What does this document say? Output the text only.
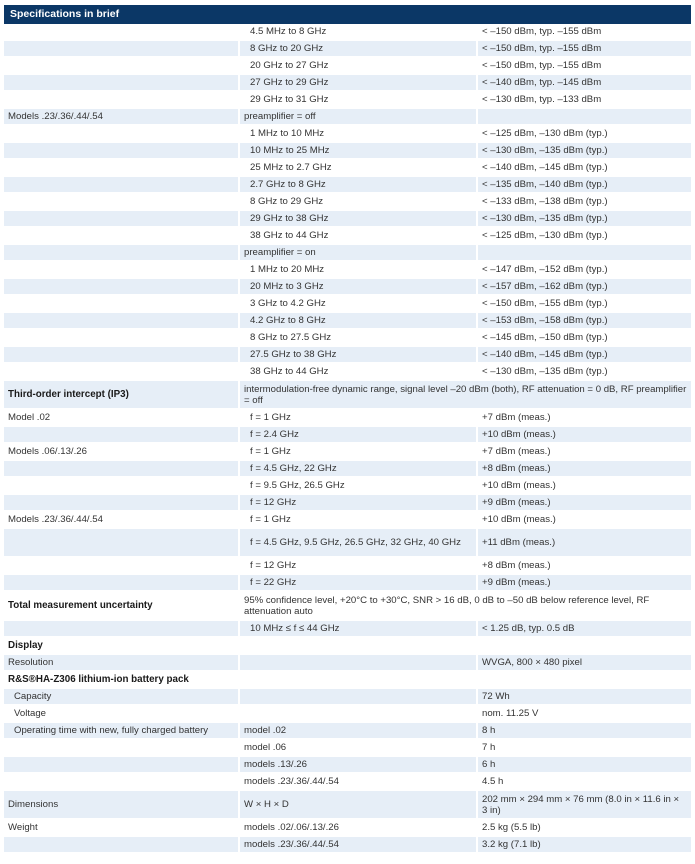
Specifications in brief
	4.5 MHz to 8 GHz	< –150 dBm, typ. –155 dBm
	8 GHz to 20 GHz	< –150 dBm, typ. –155 dBm
	20 GHz to 27 GHz	< –150 dBm, typ. –155 dBm
	27 GHz to 29 GHz	< –140 dBm, typ. –145 dBm
	29 GHz to 31 GHz	< –130 dBm, typ. –133 dBm
Models .23/.36/.44/.54	preamplifier = off	
	1 MHz to 10 MHz	< –125 dBm, –130 dBm (typ.)
	10 MHz to 25 MHz	< –130 dBm, –135 dBm (typ.)
	25 MHz to 2.7 GHz	< –140 dBm, –145 dBm (typ.)
	2.7 GHz to 8 GHz	< –135 dBm, –140 dBm (typ.)
	8 GHz to 29 GHz	< –133 dBm, –138 dBm (typ.)
	29 GHz to 38 GHz	< –130 dBm, –135 dBm (typ.)
	38 GHz to 44 GHz	< –125 dBm, –130 dBm (typ.)
	preamplifier = on	
	1 MHz to 20 MHz	< –147 dBm, –152 dBm (typ.)
	20 MHz to 3 GHz	< –157 dBm, –162 dBm (typ.)
	3 GHz to 4.2 GHz	< –150 dBm, –155 dBm (typ.)
	4.2 GHz to 8 GHz	< –153 dBm, –158 dBm (typ.)
	8 GHz to 27.5 GHz	< –145 dBm, –150 dBm (typ.)
	27.5 GHz to 38 GHz	< –140 dBm, –145 dBm (typ.)
	38 GHz to 44 GHz	< –130 dBm, –135 dBm (typ.)
Third-order intercept (IP3)	intermodulation-free dynamic range, signal level –20 dBm (both), RF attenuation = 0 dB, RF preamplifier = off	
Model .02	f = 1 GHz	+7 dBm (meas.)
	f = 2.4 GHz	+10 dBm (meas.)
Models .06/.13/.26	f = 1 GHz	+7 dBm (meas.)
	f = 4.5 GHz, 22 GHz	+8 dBm (meas.)
	f = 9.5 GHz, 26.5 GHz	+10 dBm (meas.)
	f = 12 GHz	+9 dBm (meas.)
Models .23/.36/.44/.54	f = 1 GHz	+10 dBm (meas.)
	f = 4.5 GHz, 9.5 GHz, 26.5 GHz, 32 GHz, 40 GHz	+11 dBm (meas.)
	f = 12 GHz	+8 dBm (meas.)
	f = 22 GHz	+9 dBm (meas.)
Total measurement uncertainty	95% confidence level, +20°C to +30°C, SNR > 16 dB, 0 dB to –50 dB below reference level, RF attenuation auto	
	10 MHz ≤ f ≤ 44 GHz	< 1.25 dB, typ. 0.5 dB
Display		
Resolution		WVGA, 800 × 480 pixel
R&S®HA-Z306 lithium-ion battery pack		
Capacity		72 Wh
Voltage		nom. 11.25 V
Operating time with new, fully charged battery	model .02	8 h
	model .06	7 h
	models .13/.26	6 h
	models .23/.36/.44/.54	4.5 h
Dimensions	W × H × D	202 mm × 294 mm × 76 mm (8.0 in × 11.6 in × 3 in)
Weight	models .02/.06/.13/.26	2.5 kg (5.5 lb)
	models .23/.36/.44/.54	3.2 kg (7.1 lb)
